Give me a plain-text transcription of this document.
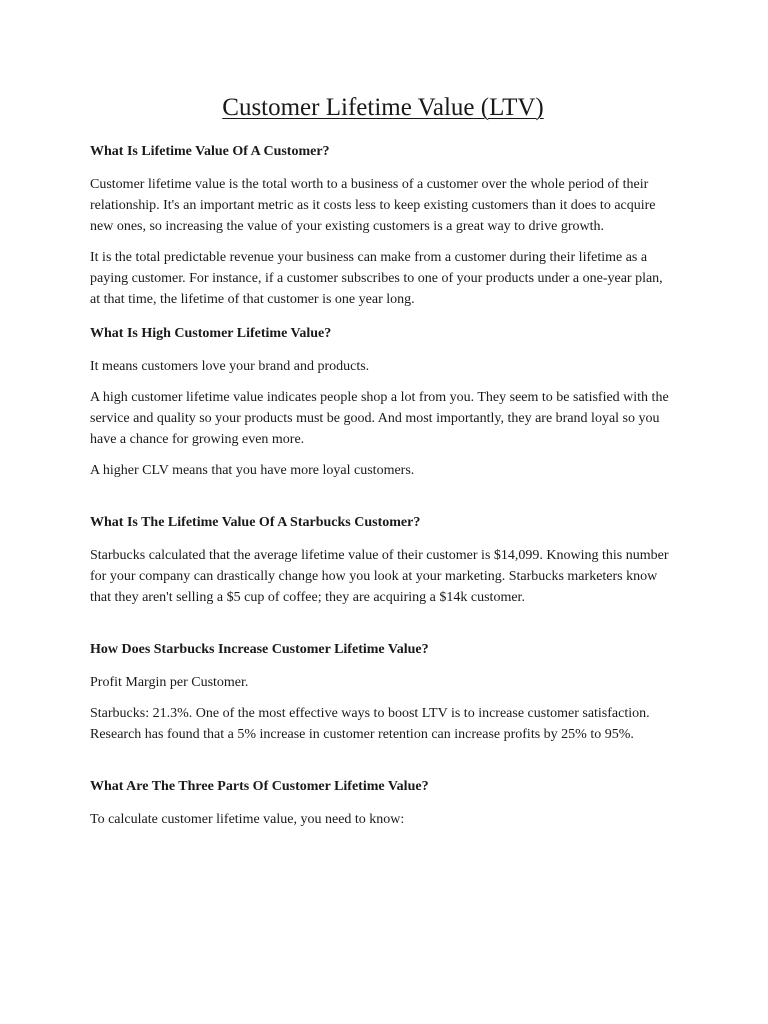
Customer Lifetime Value (LTV)
What Is Lifetime Value Of A Customer?

Customer lifetime value is the total worth to a business of a customer over the whole period of their relationship. It's an important metric as it costs less to keep existing customers than it does to acquire new ones, so increasing the value of your existing customers is a great way to drive growth.

It is the total predictable revenue your business can make from a customer during their lifetime as a paying customer. For instance, if a customer subscribes to one of your products under a one-year plan, at that time, the lifetime of that customer is one year long.

What Is High Customer Lifetime Value?

It means customers love your brand and products.

A high customer lifetime value indicates people shop a lot from you. They seem to be satisfied with the service and quality so your products must be good. And most importantly, they are brand loyal so you have a chance for growing even more.

A higher CLV means that you have more loyal customers.

What Is The Lifetime Value Of A Starbucks Customer?

Starbucks calculated that the average lifetime value of their customer is $14,099. Knowing this number for your company can drastically change how you look at your marketing. Starbucks marketers know that they aren't selling a $5 cup of coffee; they are acquiring a $14k customer.

How Does Starbucks Increase Customer Lifetime Value?

Profit Margin per Customer.

Starbucks: 21.3%. One of the most effective ways to boost LTV is to increase customer satisfaction. Research has found that a 5% increase in customer retention can increase profits by 25% to 95%.

What Are The Three Parts Of Customer Lifetime Value?

To calculate customer lifetime value, you need to know:
